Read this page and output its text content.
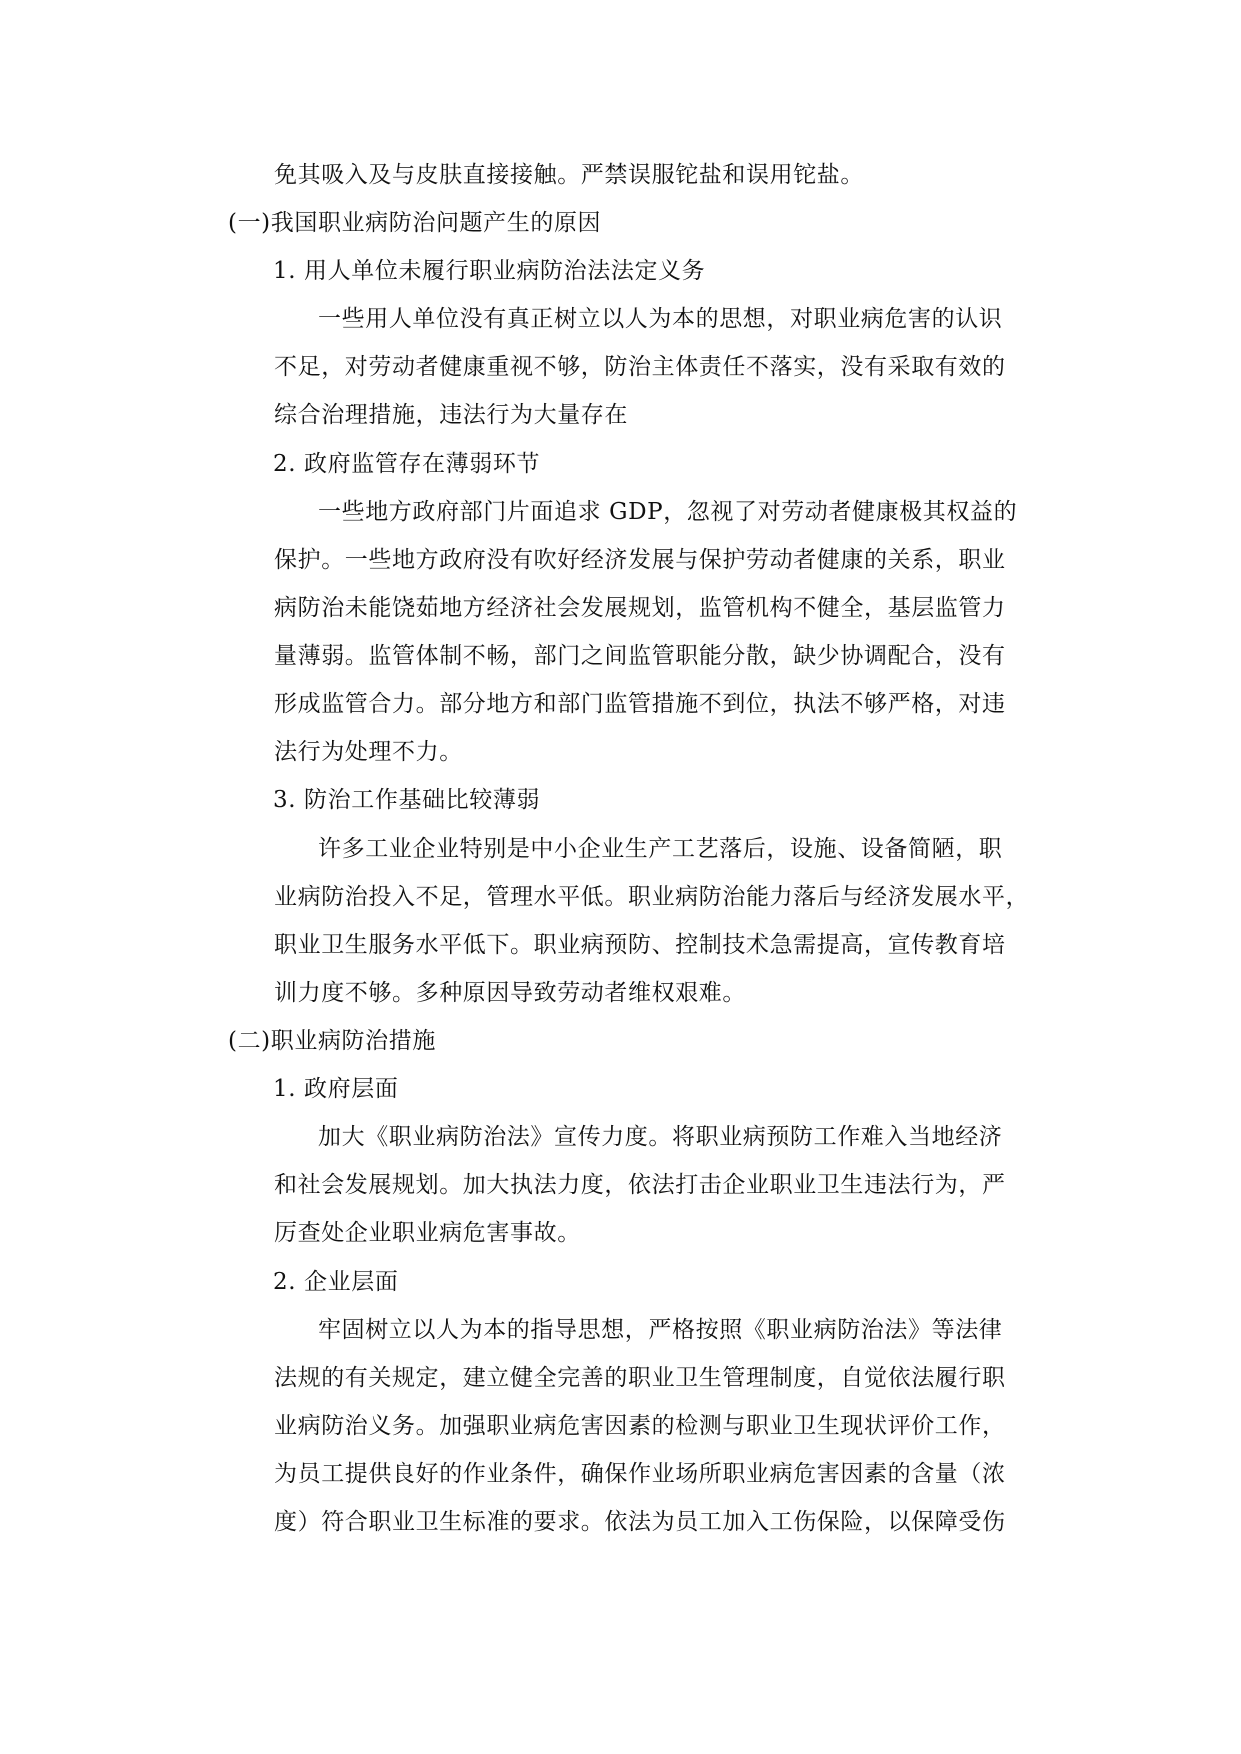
免其吸入及与皮肤直接接触。严禁误服铊盐和误用铊盐。
(一)我国职业病防治问题产生的原因
1. 用人单位未履行职业病防治法法定义务
一些用人单位没有真正树立以人为本的思想，对职业病危害的认识
不足，对劳动者健康重视不够，防治主体责任不落实，没有采取有效的
综合治理措施，违法行为大量存在
2. 政府监管存在薄弱环节
一些地方政府部门片面追求 GDP，忽视了对劳动者健康极其权益的
保护。一些地方政府没有吹好经济发展与保护劳动者健康的关系，职业
病防治未能饶茹地方经济社会发展规划，监管机构不健全，基层监管力
量薄弱。监管体制不畅，部门之间监管职能分散，缺少协调配合，没有
形成监管合力。部分地方和部门监管措施不到位，执法不够严格，对违
法行为处理不力。
3. 防治工作基础比较薄弱
许多工业企业特别是中小企业生产工艺落后，设施、设备简陋，职
业病防治投入不足，管理水平低。职业病防治能力落后与经济发展水平，
职业卫生服务水平低下。职业病预防、控制技术急需提高，宣传教育培
训力度不够。多种原因导致劳动者维权艰难。
(二)职业病防治措施
1. 政府层面
加大《职业病防治法》宣传力度。将职业病预防工作难入当地经济
和社会发展规划。加大执法力度，依法打击企业职业卫生违法行为，严
厉查处企业职业病危害事故。
2. 企业层面
牢固树立以人为本的指导思想，严格按照《职业病防治法》等法律
法规的有关规定，建立健全完善的职业卫生管理制度，自觉依法履行职
业病防治义务。加强职业病危害因素的检测与职业卫生现状评价工作，
为员工提供良好的作业条件，确保作业场所职业病危害因素的含量（浓
度）符合职业卫生标准的要求。依法为员工加入工伤保险，以保障受伤
